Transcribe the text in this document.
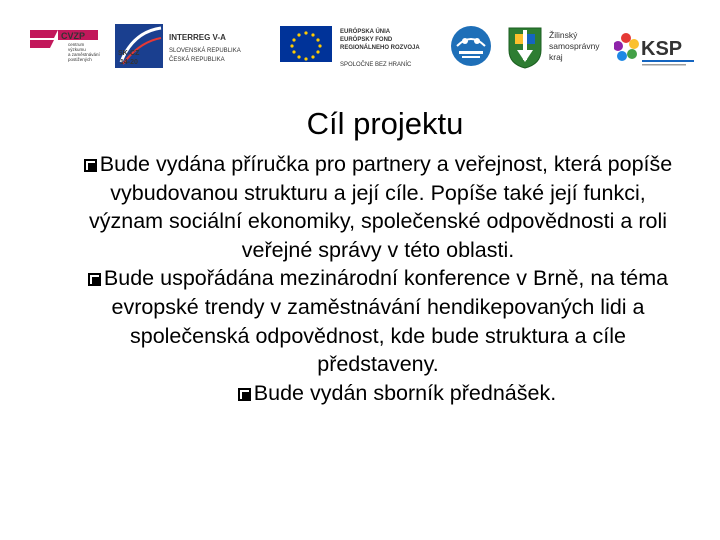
CVZP
centrum
výzkumu
a zaměstnávání
postižených
SK-CZ
14-20
INTERREG V-A
SLOVENSKÁ REPUBLIKA
ČESKÁ REPUBLIKA
EURÓPSKA ÚNIA
EURÓPSKY FOND
REGIONÁLNEHO ROZVOJA
SPOLOČNE BEZ HRANÍC
Žilinský
samosprávny
kraj	KSP
Cíl projektu

Bude vydána příručka pro partnery a veřejnost, která popíše vybudovanou strukturu a její cíle. Popíše také její funkci, význam sociální ekonomiky, společenské odpovědnosti a roli veřejné správy v této oblasti.

Bude uspořádána mezinárodní konference v Brně, na téma evropské trendy v zaměstnávání hendikepovaných lidi a společenská odpovědnost, kde bude struktura a cíle představeny.

Bude vydán sborník přednášek.
